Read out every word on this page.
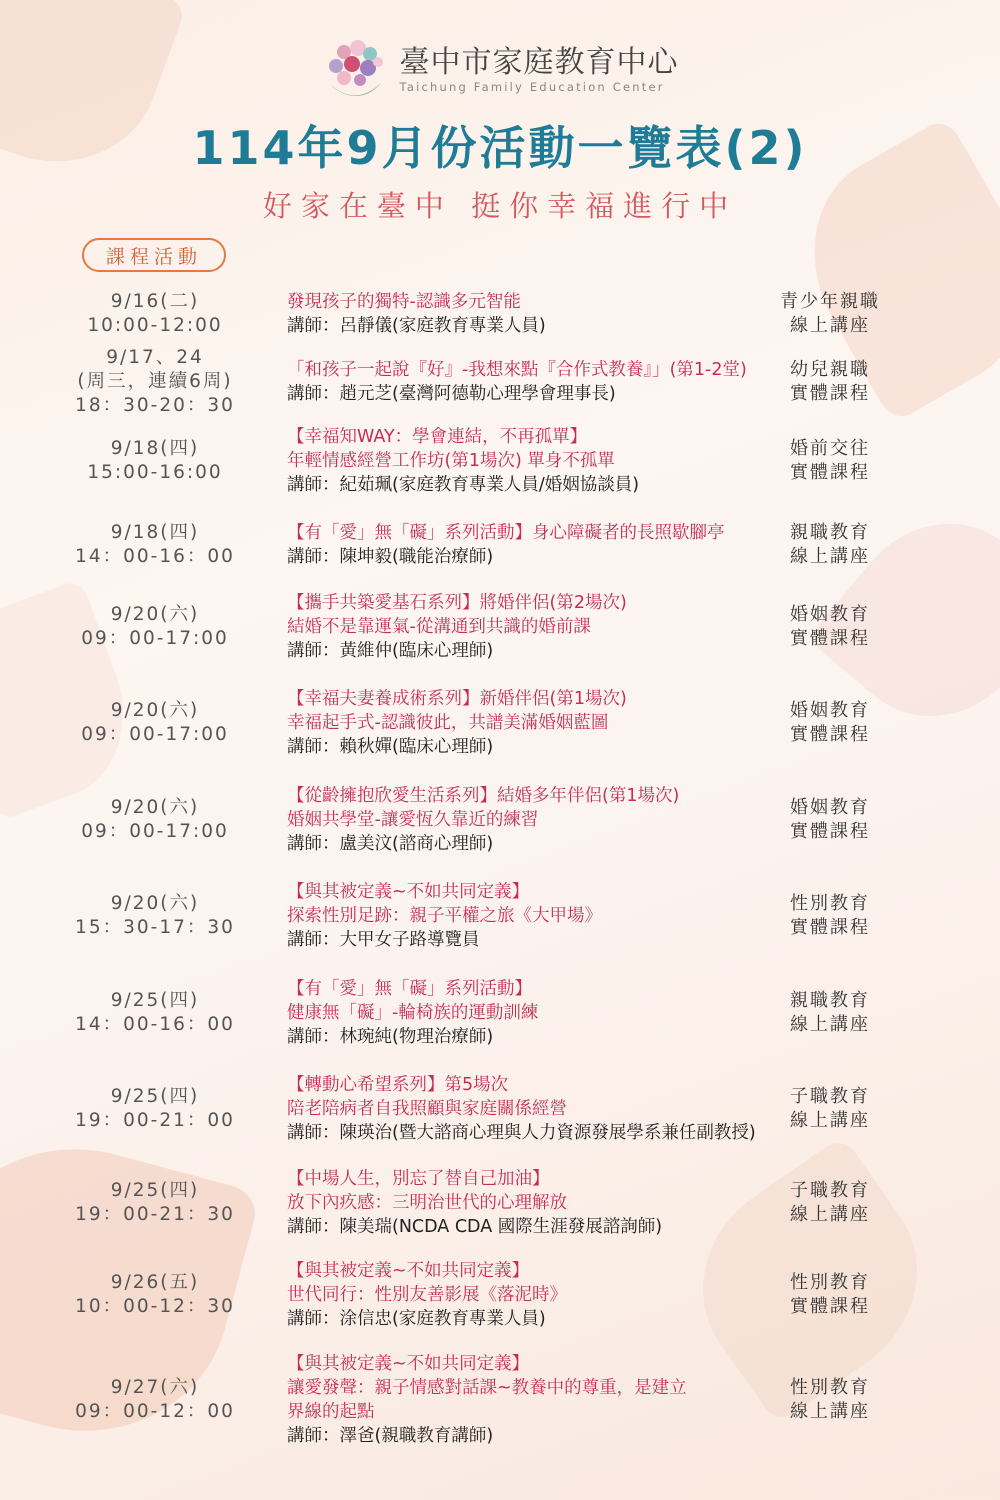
臺中市家庭教育中心
Taichung Family Education Center
114年9月份活動一覽表(2)
好家在臺中 挺你幸福進行中
課程活動
9/16(二)
10:00-12:00
發現孩子的獨特-認識多元智能
講師：呂靜儀(家庭教育專業人員)
青少年親職
線上講座
9/17、24
(周三，連續6周)
18：30-20：30
「和孩子一起說『好』-我想來點『合作式教養』」(第1-2堂)
講師：趙元芝(臺灣阿德勒心理學會理事長)
幼兒親職
實體課程
9/18(四)
15:00-16:00
【幸福知WAY：學會連結，不再孤單】
年輕情感經營工作坊(第1場次) 單身不孤單
講師：紀茹珮(家庭教育專業人員/婚姻協談員)
婚前交往
實體課程
9/18(四)
14：00-16：00
【有「愛」無「礙」系列活動】身心障礙者的長照歇腳亭
講師：陳坤毅(職能治療師)
親職教育
線上講座
9/20(六)
09：00-17:00
【攜手共築愛基石系列】將婚伴侶(第2場次)
結婚不是靠運氣-從溝通到共識的婚前課
講師：黃維仲(臨床心理師)
婚姻教育
實體課程
9/20(六)
09：00-17:00
【幸福夫妻養成術系列】新婚伴侶(第1場次)
幸福起手式-認識彼此，共譜美滿婚姻藍圖
講師：賴秋嬋(臨床心理師)
婚姻教育
實體課程
9/20(六)
09：00-17:00
【從齡擁抱欣愛生活系列】結婚多年伴侶(第1場次)
婚姻共學堂-讓愛恆久靠近的練習
講師：盧美汶(諮商心理師)
婚姻教育
實體課程
9/20(六)
15：30-17：30
【與其被定義~不如共同定義】
探索性別足跡：親子平權之旅《大甲場》
講師：大甲女子路導覽員
性別教育
實體課程
9/25(四)
14：00-16：00
【有「愛」無「礙」系列活動】
健康無「礙」-輪椅族的運動訓練
講師：林琬純(物理治療師)
親職教育
線上講座
9/25(四)
19：00-21：00
【轉動心希望系列】第5場次
陪老陪病者自我照顧與家庭關係經營
講師：陳瑛治(暨大諮商心理與人力資源發展學系兼任副教授)
子職教育
線上講座
9/25(四)
19：00-21：30
【中場人生，別忘了替自己加油】
放下內疚感：三明治世代的心理解放
講師：陳美瑞(NCDA CDA 國際生涯發展諮詢師)
子職教育
線上講座
9/26(五)
10：00-12：30
【與其被定義~不如共同定義】
世代同行：性別友善影展《落泥時》
講師：涂信忠(家庭教育專業人員)
性別教育
實體課程
9/27(六)
09：00-12：00
【與其被定義~不如共同定義】
讓愛發聲：親子情感對話課~教養中的尊重，是建立
界線的起點
講師：澤爸(親職教育講師)
性別教育
線上講座
